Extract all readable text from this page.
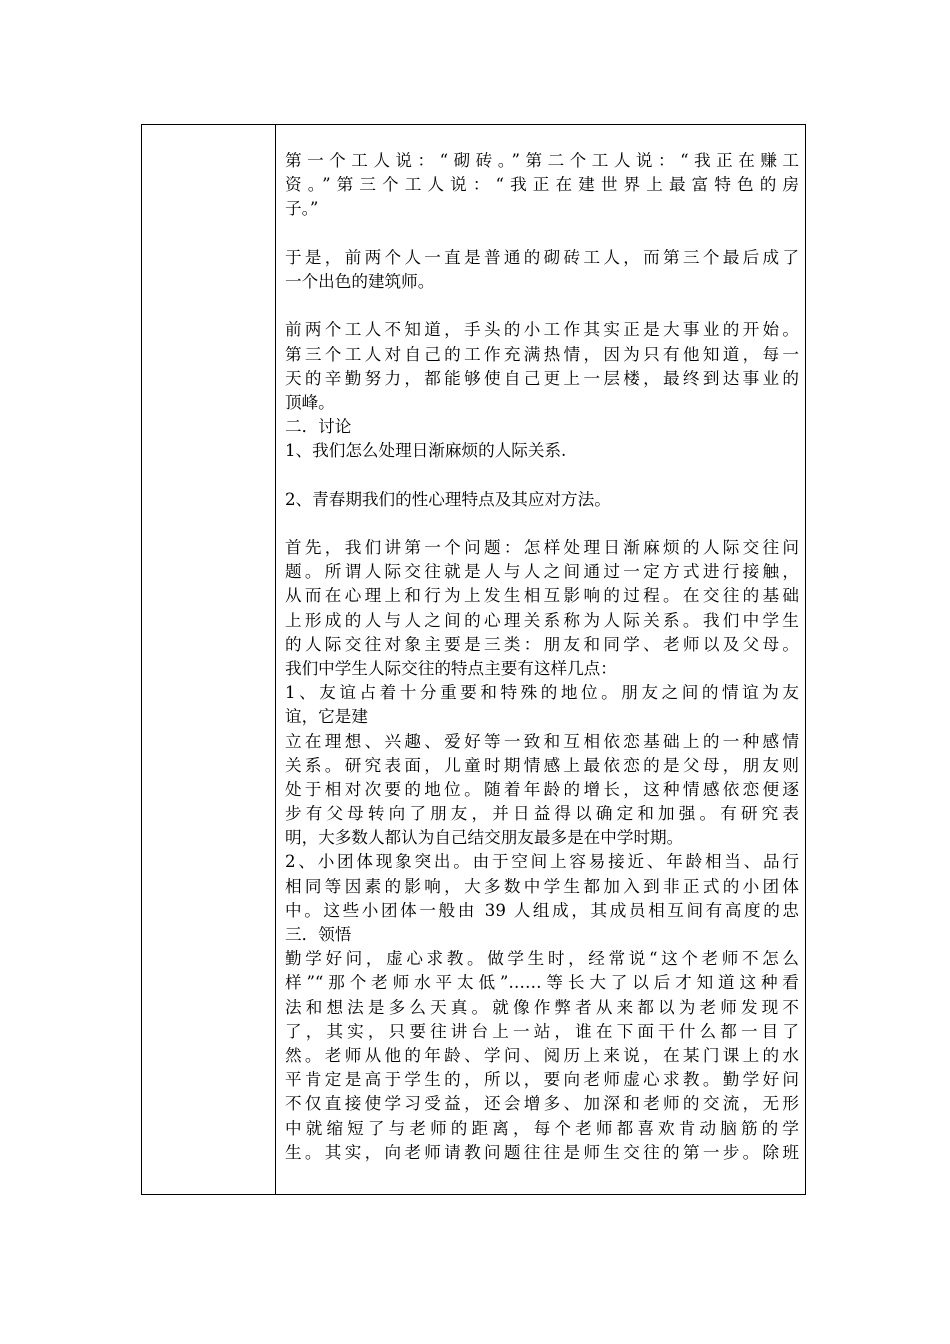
第一个工人说：“砌砖。”第二个工人说：“我正在赚工
资。”第三个工人说：“我正在建世界上最富特色的房
子。”
于是，前两个人一直是普通的砌砖工人，而第三个最后成了
一个出色的建筑师。
前两个工人不知道，手头的小工作其实正是大事业的开始。
第三个工人对自己的工作充满热情，因为只有他知道，每一
天的辛勤努力，都能够使自己更上一层楼，最终到达事业的
顶峰。
二．讨论
1、我们怎么处理日渐麻烦的人际关系.
2、青春期我们的性心理特点及其应对方法。
首先，我们讲第一个问题：怎样处理日渐麻烦的人际交往问
题。所谓人际交往就是人与人之间通过一定方式进行接触，
从而在心理上和行为上发生相互影响的过程。在交往的基础
上形成的人与人之间的心理关系称为人际关系。我们中学生
的人际交往对象主要是三类：朋友和同学、老师以及父母。
我们中学生人际交往的特点主要有这样几点：
1、友谊占着十分重要和特殊的地位。朋友之间的情谊为友
谊，它是建
立在理想、兴趣、爱好等一致和互相依恋基础上的一种感情
关系。研究表面，儿童时期情感上最依恋的是父母，朋友则
处于相对次要的地位。随着年龄的增长，这种情感依恋便逐
步有父母转向了朋友，并日益得以确定和加强。有研究表
明，大多数人都认为自己结交朋友最多是在中学时期。
2、小团体现象突出。由于空间上容易接近、年龄相当、品行
相同等因素的影响，大多数中学生都加入到非正式的小团体
中。这些小团体一般由 39 人组成，其成员相互间有高度的忠
三．领悟
勤学好问，虚心求教。做学生时，经常说“这个老师不怎么
样”“那个老师水平太低”……等长大了以后才知道这种看
法和想法是多么天真。就像作弊者从来都以为老师发现不
了，其实，只要往讲台上一站，谁在下面干什么都一目了
然。老师从他的年龄、学问、阅历上来说，在某门课上的水
平肯定是高于学生的，所以，要向老师虚心求教。勤学好问
不仅直接使学习受益，还会增多、加深和老师的交流，无形
中就缩短了与老师的距离，每个老师都喜欢肯动脑筋的学
生。其实，向老师请教问题往往是师生交往的第一步。除班
